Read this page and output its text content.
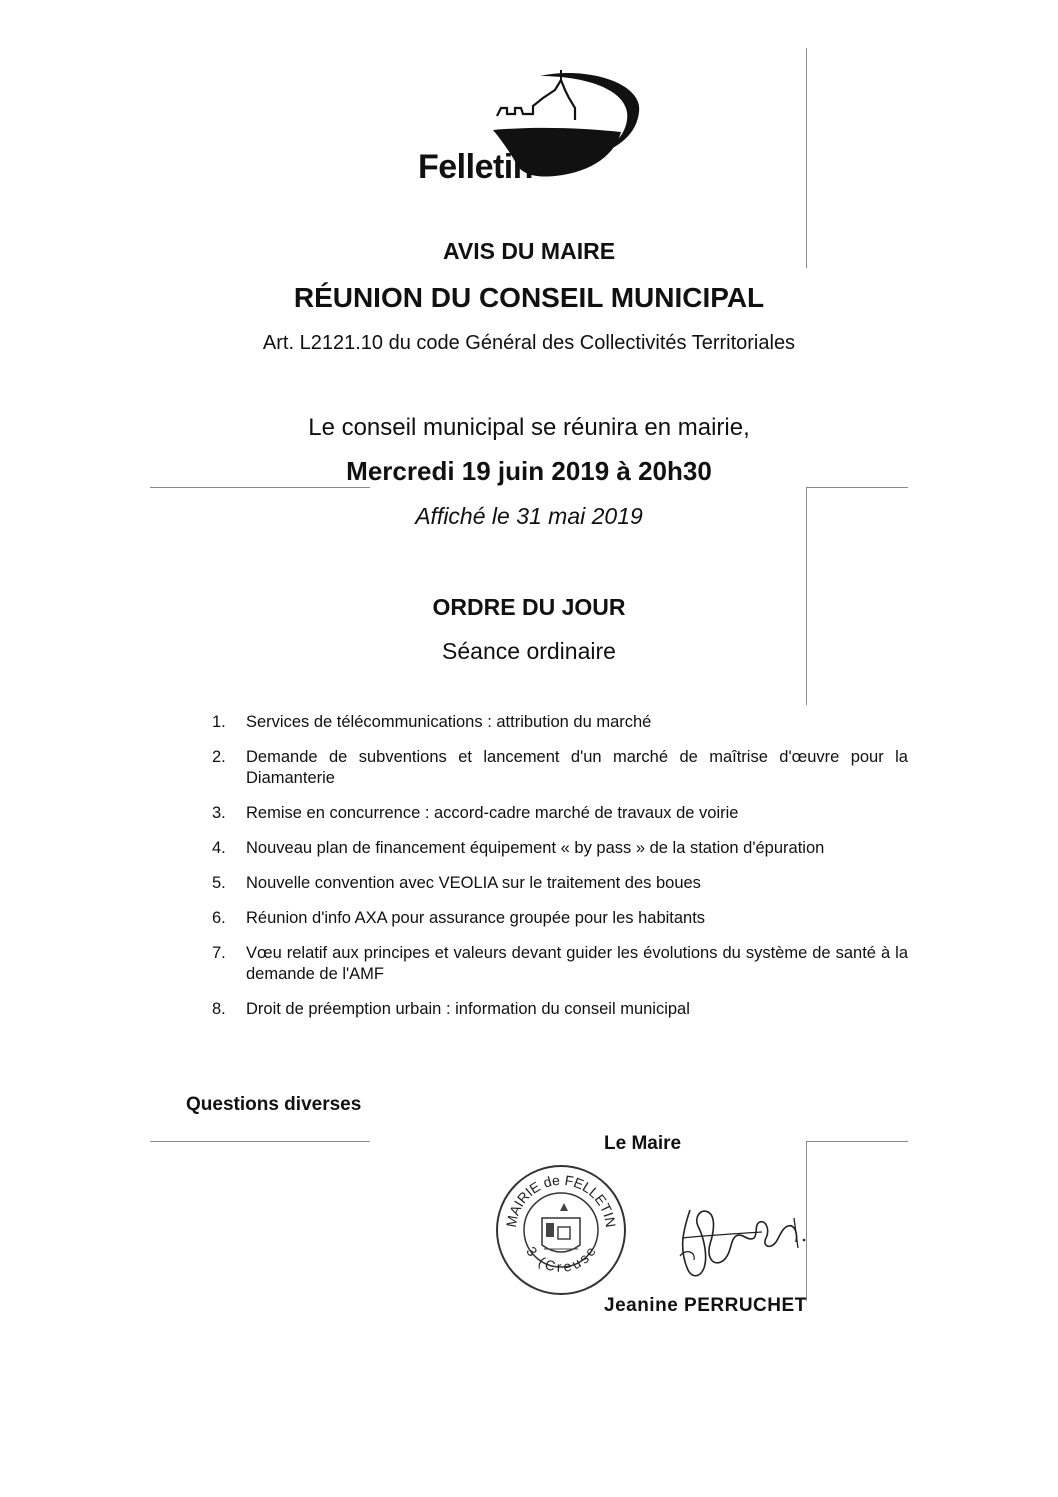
Felletin
AVIS DU MAIRE
RÉUNION DU CONSEIL MUNICIPAL
Art. L2121.10 du code Général des Collectivités Territoriales
Le conseil municipal se réunira en mairie,
Mercredi 19 juin 2019 à 20h30
Affiché le 31 mai 2019
ORDRE DU JOUR
Séance ordinaire
1. Services de télécommunications : attribution du marché
2. Demande de subventions et lancement d'un marché de maîtrise d'œuvre pour la Diamanterie
3. Remise en concurrence : accord-cadre marché de travaux de voirie
4. Nouveau plan de financement équipement « by pass » de la station d'épuration
5. Nouvelle convention avec VEOLIA sur le traitement des boues
6. Réunion d'info AXA pour assurance groupée pour les habitants
7. Vœu relatif aux principes et valeurs devant guider les évolutions du système de santé à la demande de l'AMF
8. Droit de préemption urbain : information du conseil municipal
Questions diverses
Le Maire
MAIRIE de FELLETIN
3 (Creuse
Jeanine PERRUCHET
